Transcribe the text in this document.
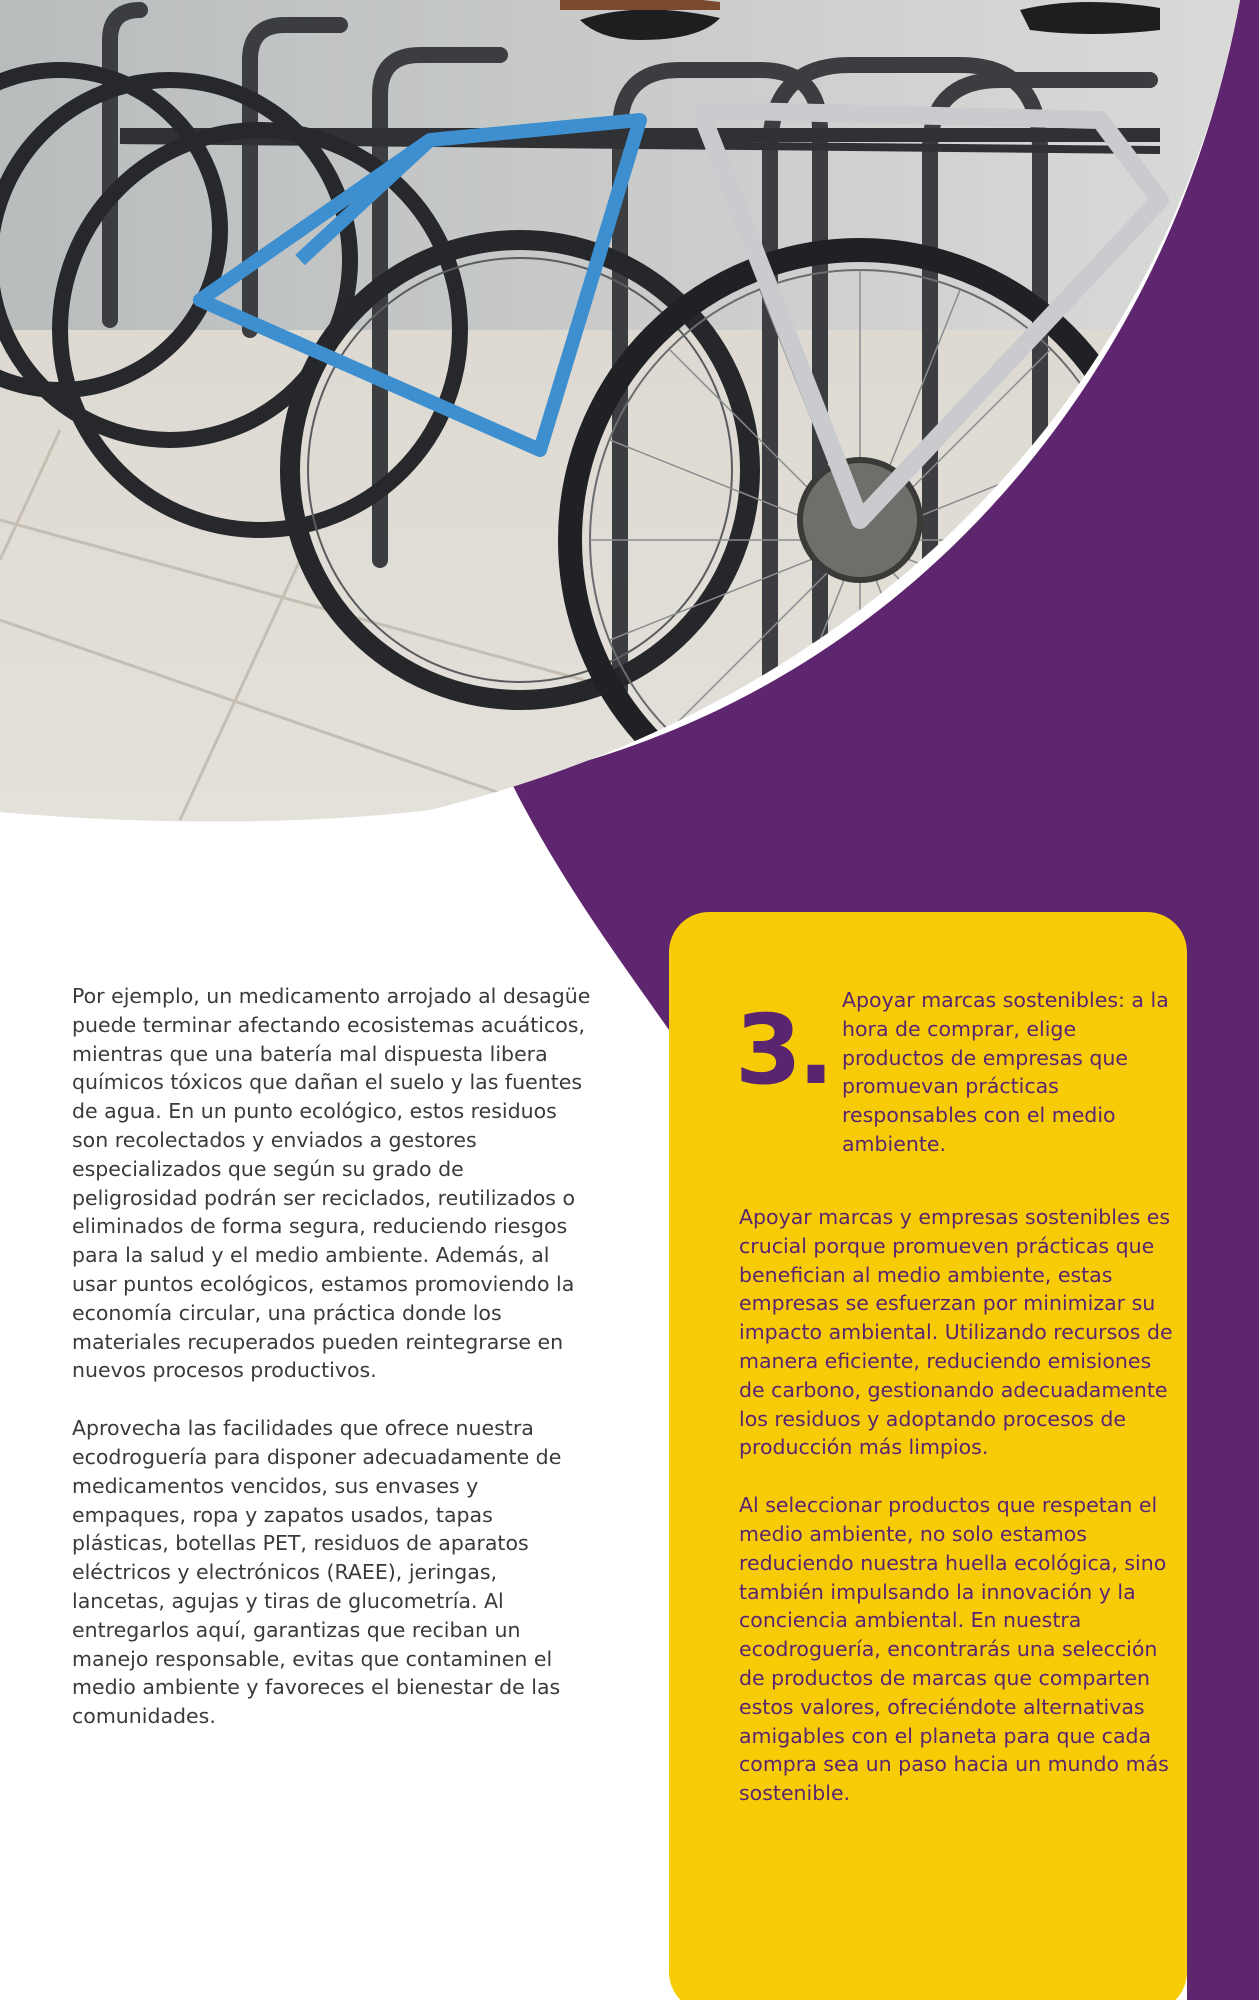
Por ejemplo, un medicamento arrojado al desagüe puede terminar afectando ecosistemas acuáticos, mientras que una batería mal dispuesta libera químicos tóxicos que dañan el suelo y las fuentes de agua. En un punto ecológico, estos residuos son recolectados y enviados a gestores especializados que según su grado de peligrosidad podrán ser reciclados, reutilizados o eliminados de forma segura, reduciendo riesgos para la salud y el medio ambiente. Además, al usar puntos ecológicos, estamos promoviendo la economía circular, una práctica donde los materiales recuperados pueden reintegrarse en nuevos procesos productivos.

Aprovecha las facilidades que ofrece nuestra ecodroguería para disponer adecuadamente de medicamentos vencidos, sus envases y empaques, ropa y zapatos usados, tapas plásticas, botellas PET, residuos de aparatos eléctricos y electrónicos (RAEE), jeringas, lancetas, agujas y tiras de glucometría. Al entregarlos aquí, garantizas que reciban un manejo responsable, evitas que contaminen el medio ambiente y favoreces el bienestar de las comunidades.

3. Apoyar marcas sostenibles: a la hora de comprar, elige productos de empresas que promuevan prácticas responsables con el medio ambiente.

Apoyar marcas y empresas sostenibles es crucial porque promueven prácticas que benefician al medio ambiente, estas empresas se esfuerzan por minimizar su impacto ambiental. Utilizando recursos de manera eficiente, reduciendo emisiones de carbono, gestionando adecuadamente los residuos y adoptando procesos de producción más limpios.

Al seleccionar productos que respetan el medio ambiente, no solo estamos reduciendo nuestra huella ecológica, sino también impulsando la innovación y la conciencia ambiental. En nuestra ecodroguería, encontrarás una selección de productos de marcas que comparten estos valores, ofreciéndote alternativas amigables con el planeta para que cada compra sea un paso hacia un mundo más sostenible.
